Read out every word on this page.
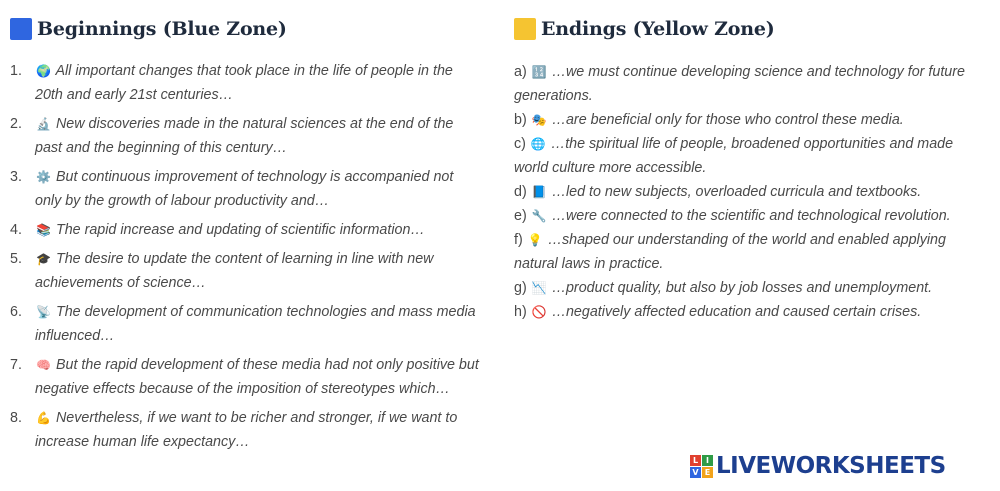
Beginnings (Blue Zone)
1.	🌍 All important changes that took place in the life of people in the 20th and early 21st centuries…
2.	🔬 New discoveries made in the natural sciences at the end of the past and the beginning of this century…
3.	⚙️ But continuous improvement of technology is accompanied not only by the growth of labour productivity and…
4.	📚 The rapid increase and updating of scientific information…
5.	🎓 The desire to update the content of learning in line with new achievements of science…
6.	📡 The development of communication technologies and mass media influenced…
7.	🧠 But the rapid development of these media had not only positive but negative effects because of the imposition of stereotypes which…
8.	💪 Nevertheless, if we want to be richer and stronger, if we want to increase human life expectancy…
Endings (Yellow Zone)
a) 🔢 …we must continue developing science and technology for future generations.
b) 🎭 …are beneficial only for those who control these media.
c) 🌐 …the spiritual life of people, broadened opportunities and made world culture more accessible.
d) 📘 …led to new subjects, overloaded curricula and textbooks.
e) 🔧 …were connected to the scientific and technological revolution.
f) 💡 …shaped our understanding of the world and enabled applying natural laws in practice.
g) 📉 …product quality, but also by job losses and unemployment.
h) 🚫 …negatively affected education and caused certain crises.
L I
V E LIVEWORKSHEETS
